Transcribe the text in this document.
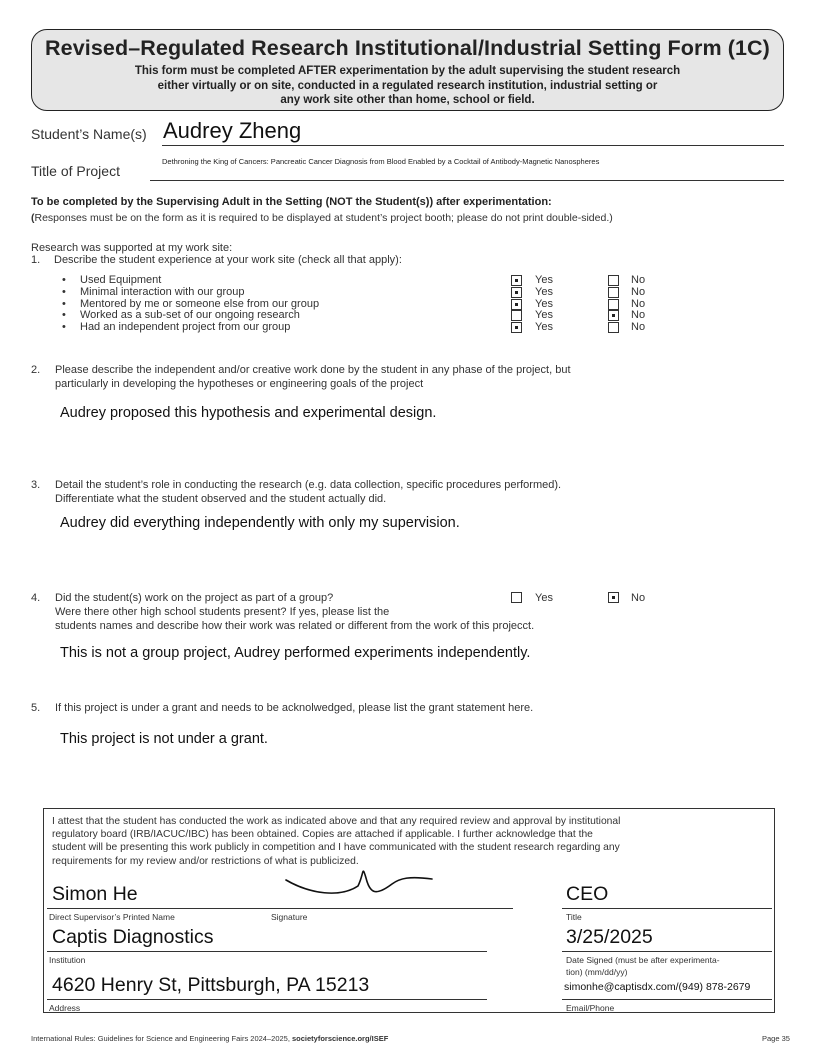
Revised–Regulated Research Institutional/Industrial Setting Form (1C)
This form must be completed AFTER experimentation by the adult supervising the student research
either virtually or on site, conducted in a regulated research institution, industrial setting or
any work site other than home, school or field.
Student’s Name(s) Audrey Zheng
Title of Project
Dethroning the King of Cancers: Pancreatic Cancer Diagnosis from Blood Enabled by a Cocktail of Antibody-Magnetic Nanospheres
To be completed by the Supervising Adult in the Setting (NOT the Student(s)) after experimentation:
(Responses must be on the form as it is required to be displayed at student’s project booth; please do not print double-sided.)
Research was supported at my work site:
1. Describe the student experience at your work site (check all that apply):
• Used Equipment	Yes	No
• Minimal interaction with our group	Yes	No
• Mentored by me or someone else from our group	Yes	No
• Worked as a sub-set of our ongoing research	Yes	No
• Had an independent project from our group	Yes	No
2. Please describe the independent and/or creative work done by the student in any phase of the project, but
particularly in developing the hypotheses or engineering goals of the project
Audrey proposed this hypothesis and experimental design.
3. Detail the student’s role in conducting the research (e.g. data collection, specific procedures performed).
Differentiate what the student observed and the student actually did.
Audrey did everything independently with only my supervision.
4. Did the student(s) work on the project as part of a group?
Were there other high school students present? If yes, please list the
students names and describe how their work was related or different from the work of this projecct.
Yes	No
This is not a group project, Audrey performed experiments independently.
5. If this project is under a grant and needs to be acknolwedged, please list the grant statement here.
This project is not under a grant.
I attest that the student has conducted the work as indicated above and that any required review and approval by institutional
regulatory board (IRB/IACUC/IBC) has been obtained. Copies are attached if applicable. I further acknowledge that the
student will be presenting this work publicly in competition and I have communicated with the student research regarding any
requirements for my review and/or restrictions of what is publicized.
Simon He
Direct Supervisor’s Printed Name	Signature
CEO
Title
Captis Diagnostics
Institution
3/25/2025
Date Signed (must be after experimenta-
tion) (mm/dd/yy)
4620 Henry St, Pittsburgh, PA 15213
Address
simonhe@captisdx.com/(949) 878-2679
Email/Phone
International Rules: Guidelines for Science and Engineering Fairs 2024–2025, societyforscience.org/ISEF	Page 35
